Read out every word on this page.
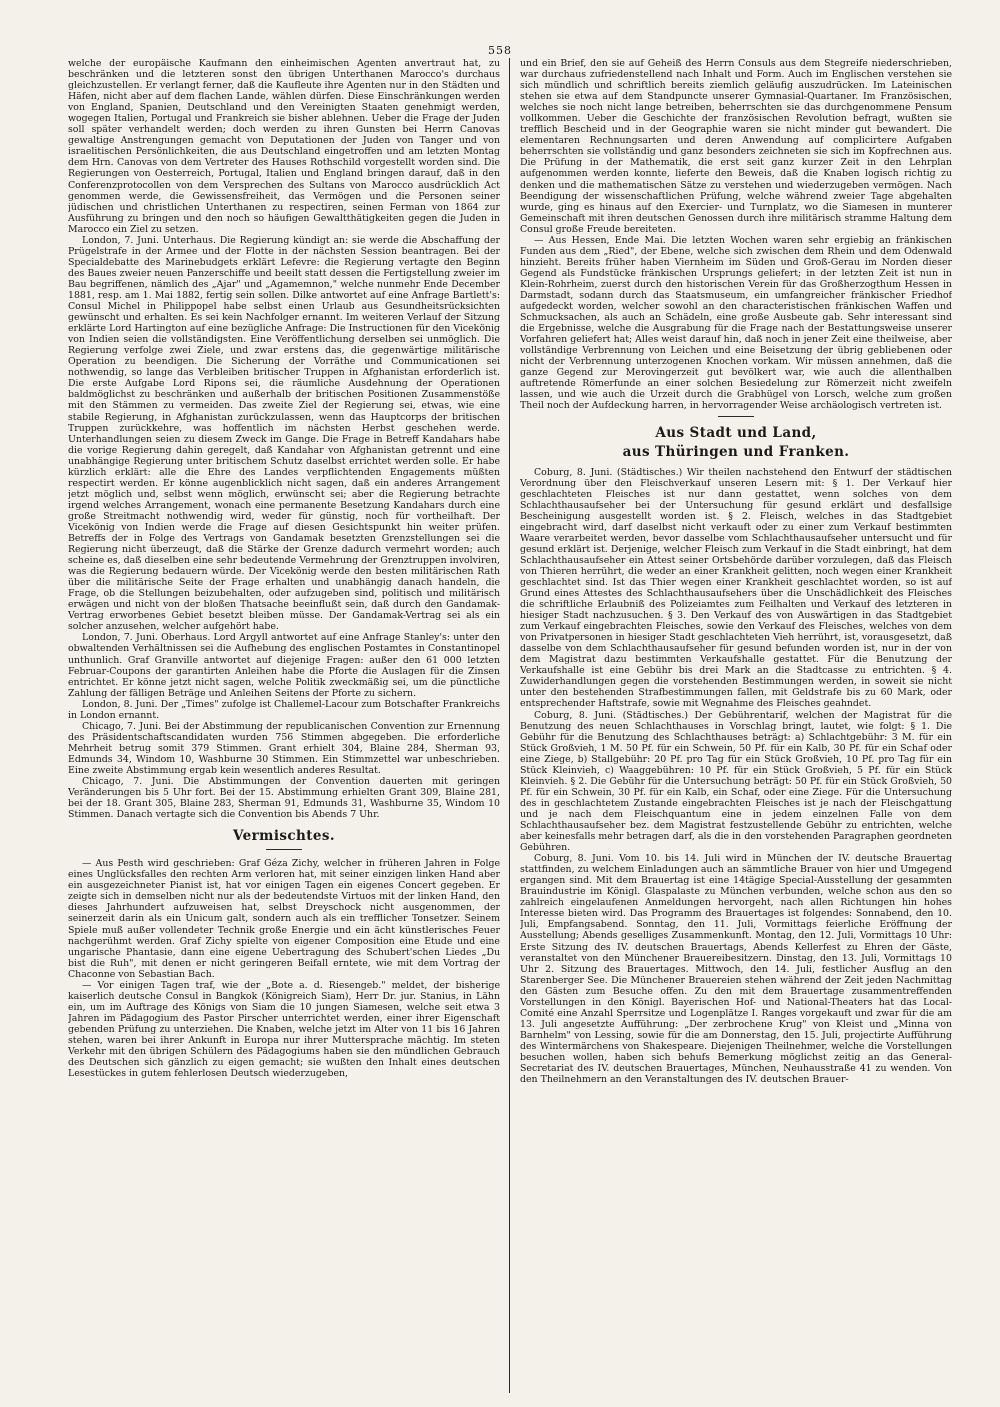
558

welche der europäische Kaufmann den einheimischen Agenten anvertraut hat, zu beschränken und die letzteren sonst den übrigen Unterthanen Marocco's durchaus gleichzustellen. Er verlangt ferner, daß die Kaufleute ihre Agenten nur in den Städten und Häfen, nicht aber auf dem flachen Lande, wählen dürfen. Diese Einschränkungen werden von England, Spanien, Deutschland und den Vereinigten Staaten genehmigt werden, wogegen Italien, Portugal und Frankreich sie bisher ablehnen. Ueber die Frage der Juden soll später verhandelt werden; doch werden zu ihren Gunsten bei Herrn Canovas gewaltige Anstrengungen gemacht von Deputationen der Juden von Tanger und von israelitischen Persönlichkeiten, die aus Deutschland eingetroffen und am letzten Montag dem Hrn. Canovas von dem Vertreter des Hauses Rothschild vorgestellt worden sind. Die Regierungen von Oesterreich, Portugal, Italien und England bringen darauf, daß in den Conferenzprotocollen von dem Versprechen des Sultans von Marocco ausdrücklich Act genommen werde, die Gewissensfreiheit, das Vermögen und die Personen seiner jüdischen und christlichen Unterthanen zu respectiren, seinen Ferman von 1864 zur Ausführung zu bringen und den noch so häufigen Gewaltthätigkeiten gegen die Juden in Marocco ein Ziel zu setzen.

London, 7. Juni. Unterhaus. Die Regierung kündigt an: sie werde die Abschaffung der Prügelstrafe in der Armee und der Flotte in der nächsten Session beantragen. Bei der Specialdebatte des Marinebudgets erklärt Lefevre: die Regierung vertagte den Beginn des Baues zweier neuen Panzerschiffe und beeilt statt dessen die Fertigstellung zweier im Bau begriffenen, nämlich des „Ajar" und „Agamemnon," welche nunmehr Ende December 1881, resp. am 1. Mai 1882, fertig sein sollen. Dilke antwortet auf eine Anfrage Bartlett's: Consul Michel in Philippopel habe selbst einen Urlaub aus Gesundheitsrücksichten gewünscht und erhalten. Es sei kein Nachfolger ernannt. Im weiteren Verlauf der Sitzung erklärte Lord Hartington auf eine bezügliche Anfrage: Die Instructionen für den Vicekönig von Indien seien die vollständigsten. Eine Veröffentlichung derselben sei unmöglich. Die Regierung verfolge zwei Ziele, und zwar erstens das, die gegenwärtige militärische Operation zu beendigen. Die Sicherung der Vorräthe und Communicationen sei nothwendig, so lange das Verbleiben britischer Truppen in Afghanistan erforderlich ist. Die erste Aufgabe Lord Ripons sei, die räumliche Ausdehnung der Operationen baldmöglichst zu beschränken und außerhalb der britischen Positionen Zusammenstöße mit den Stämmen zu vermeiden. Das zweite Ziel der Regierung sei, etwas, wie eine stabile Regierung, in Afghanistan zurückzulassen, wenn das Hauptcorps der britischen Truppen zurückkehre, was hoffentlich im nächsten Herbst geschehen werde. Unterhandlungen seien zu diesem Zweck im Gange. Die Frage in Betreff Kandahars habe die vorige Regierung dahin geregelt, daß Kandahar von Afghanistan getrennt und eine unabhängige Regierung unter britischem Schutz daselbst errichtet werden solle. Er habe kürzlich erklärt: alle die Ehre des Landes verpflichtenden Engagements müßten respectirt werden. Er könne augenblicklich nicht sagen, daß ein anderes Arrangement jetzt möglich und, selbst wenn möglich, erwünscht sei; aber die Regierung betrachte irgend welches Arrangement, wonach eine permanente Besetzung Kandahars durch eine große Streitmacht nothwendig wird, weder für günstig, noch für vortheilhaft. Der Vicekönig von Indien werde die Frage auf diesen Gesichtspunkt hin weiter prüfen. Betreffs der in Folge des Vertrags von Gandamak besetzten Grenzstellungen sei die Regierung nicht überzeugt, daß die Stärke der Grenze dadurch vermehrt worden; auch scheine es, daß dieselben eine sehr bedeutende Vermehrung der Grenztruppen involviren, was die Regierung bedauern würde. Der Vicekönig werde den besten militärischen Rath über die militärische Seite der Frage erhalten und unabhängig danach handeln, die Frage, ob die Stellungen beizubehalten, oder aufzugeben sind, politisch und militärisch erwägen und nicht von der bloßen Thatsache beeinflußt sein, daß durch den Gandamak-Vertrag erworbenes Gebiet besetzt bleiben müsse. Der Gandamak-Vertrag sei als ein solcher anzusehen, welcher aufgehört habe.

London, 7. Juni. Oberhaus. Lord Argyll antwortet auf eine Anfrage Stanley's: unter den obwaltenden Verhältnissen sei die Aufhebung des englischen Postamtes in Constantinopel unthunlich. Graf Granville antwortet auf diejenige Fragen: außer den 61 000 letzten Februar-Coupons der garantirten Anleihen habe die Pforte die Auslagen für die Zinsen entrichtet. Er könne jetzt nicht sagen, welche Politik zweckmäßig sei, um die pünctliche Zahlung der fälligen Beträge und Anleihen Seitens der Pforte zu sichern.

London, 8. Juni. Der „Times" zufolge ist Challemel-Lacour zum Botschafter Frankreichs in London ernannt.

Chicago, 7. Juni. Bei der Abstimmung der republicanischen Convention zur Ernennung des Präsidentschaftscandidaten wurden 756 Stimmen abgegeben. Die erforderliche Mehrheit betrug somit 379 Stimmen. Grant erhielt 304, Blaine 284, Sherman 93, Edmunds 34, Windom 10, Washburne 30 Stimmen. Ein Stimmzettel war unbeschrieben. Eine zweite Abstimmung ergab kein wesentlich anderes Resultat.

Chicago, 7. Juni. Die Abstimmungen der Convention dauerten mit geringen Veränderungen bis 5 Uhr fort. Bei der 15. Abstimmung erhielten Grant 309, Blaine 281, bei der 18. Grant 305, Blaine 283, Sherman 91, Edmunds 31, Washburne 35, Windom 10 Stimmen. Danach vertagte sich die Convention bis Abends 7 Uhr.

Vermischtes.

— Aus Pesth wird geschrieben: Graf Géza Zichy, welcher in früheren Jahren in Folge eines Unglücksfalles den rechten Arm verloren hat, mit seiner einzigen linken Hand aber ein ausgezeichneter Pianist ist, hat vor einigen Tagen ein eigenes Concert gegeben. Er zeigte sich in demselben nicht nur als der bedeutendste Virtuos mit der linken Hand, den dieses Jahrhundert aufzuweisen hat, selbst Dreyschock nicht ausgenommen, der seinerzeit darin als ein Unicum galt, sondern auch als ein trefflicher Tonsetzer. Seinem Spiele muß außer vollendeter Technik große Energie und ein ächt künstlerisches Feuer nachgerühmt werden. Graf Zichy spielte von eigener Composition eine Etude und eine ungarische Phantasie, dann eine eigene Uebertragung des Schubert'schen Liedes „Du bist die Ruh", mit denen er nicht geringeren Beifall erntete, wie mit dem Vortrag der Chaconne von Sebastian Bach.

— Vor einigen Tagen traf, wie der „Bote a. d. Riesengeb." meldet, der bisherige kaiserlich deutsche Consul in Bangkok (Königreich Siam), Herr Dr. jur. Stanius, in Lähn ein, um im Auftrage des Königs von Siam die 10 jungen Siamesen, welche seit etwa 3 Jahren im Pädagogium des Pastor Pirscher unterrichtet werden, einer ihrer Eigenschaft gebenden Prüfung zu unterziehen. Die Knaben, welche jetzt im Alter von 11 bis 16 Jahren stehen, waren bei ihrer Ankunft in Europa nur ihrer Muttersprache mächtig. Im steten Verkehr mit den übrigen Schülern des Pädagogiums haben sie den mündlichen Gebrauch des Deutschen sich gänzlich zu eigen gemacht; sie wußten den Inhalt eines deutschen Lesestückes in gutem fehlerlosen Deutsch wiederzugeben,

und ein Brief, den sie auf Geheiß des Herrn Consuls aus dem Stegreife niederschrieben, war durchaus zufriedenstellend nach Inhalt und Form. Auch im Englischen verstehen sie sich mündlich und schriftlich bereits ziemlich geläufig auszudrücken. Im Lateinischen stehen sie etwa auf dem Standpuncte unserer Gymnasial-Quartaner. Im Französischen, welches sie noch nicht lange betreiben, beherrschten sie das durchgenommene Pensum vollkommen. Ueber die Geschichte der französischen Revolution befragt, wußten sie trefflich Bescheid und in der Geographie waren sie nicht minder gut bewandert. Die elementaren Rechnungsarten und deren Anwendung auf complicirtere Aufgaben beherrschten sie vollständig und ganz besonders zeichneten sie sich im Kopfrechnen aus. Die Prüfung in der Mathematik, die erst seit ganz kurzer Zeit in den Lehrplan aufgenommen werden konnte, lieferte den Beweis, daß die Knaben logisch richtig zu denken und die mathematischen Sätze zu verstehen und wiederzugeben vermögen. Nach Beendigung der wissenschaftlichen Prüfung, welche während zweier Tage abgehalten wurde, ging es hinaus auf den Exercier- und Turnplatz, wo die Siamesen in munterer Gemeinschaft mit ihren deutschen Genossen durch ihre militärisch stramme Haltung dem Consul große Freude bereiteten.

— Aus Hessen, Ende Mai. Die letzten Wochen waren sehr ergiebig an fränkischen Funden aus dem „Ried", der Ebene, welche sich zwischen dem Rhein und dem Odenwald hinzieht. Bereits früher haben Viernheim im Süden und Groß-Gerau im Norden dieser Gegend als Fundstücke fränkischen Ursprungs geliefert; in der letzten Zeit ist nun in Klein-Rohrheim, zuerst durch den historischen Verein für das Großherzogthum Hessen in Darmstadt, sodann durch das Staatsmuseum, ein umfangreicher fränkischer Friedhof aufgedeckt worden, welcher sowohl an den characteristischen fränkischen Waffen und Schmucksachen, als auch an Schädeln, eine große Ausbeute gab. Sehr interessant sind die Ergebnisse, welche die Ausgrabung für die Frage nach der Bestattungsweise unserer Vorfahren geliefert hat; Alles weist darauf hin, daß noch in jener Zeit eine theilweise, aber vollständige Verbrennung von Leichen und eine Beisetzung der übrig gebliebenen oder nicht der Verbrennung unterzogenen Knochen vorkam. Wir müssen annehmen, daß die ganze Gegend zur Merovingerzeit gut bevölkert war, wie auch die allenthalben auftretende Römerfunde an einer solchen Besiedelung zur Römerzeit nicht zweifeln lassen, und wie auch die Urzeit durch die Grabhügel von Lorsch, welche zum großen Theil noch der Aufdeckung harren, in hervorragender Weise archäologisch vertreten ist.

Aus Stadt und Land,
aus Thüringen und Franken.

Coburg, 8. Juni. (Städtisches.) Wir theilen nachstehend den Entwurf der städtischen Verordnung über den Fleischverkauf unseren Lesern mit: § 1. Der Verkauf hier geschlachteten Fleisches ist nur dann gestattet, wenn solches von dem Schlachthausaufseher bei der Untersuchung für gesund erklärt und desfallsige Bescheinigung ausgestellt worden ist. § 2. Fleisch, welches in das Stadtgebiet eingebracht wird, darf daselbst nicht verkauft oder zu einer zum Verkauf bestimmten Waare verarbeitet werden, bevor dasselbe vom Schlachthausaufseher untersucht und für gesund erklärt ist. Derjenige, welcher Fleisch zum Verkauf in die Stadt einbringt, hat dem Schlachthausaufseher ein Attest seiner Ortsbehörde darüber vorzulegen, daß das Fleisch von Thieren herrührt, die weder an einer Krankheit gelitten, noch wegen einer Krankheit geschlachtet sind. Ist das Thier wegen einer Krankheit geschlachtet worden, so ist auf Grund eines Attestes des Schlachthausaufsehers über die Unschädlichkeit des Fleisches die schriftliche Erlaubniß des Polizeiamtes zum Feilhalten und Verkauf des letzteren in hiesiger Stadt nachzusuchen. § 3. Den Verkauf des von Auswärtigen in das Stadtgebiet zum Verkauf eingebrachten Fleisches, sowie den Verkauf des Fleisches, welches von dem von Privatpersonen in hiesiger Stadt geschlachteten Vieh herrührt, ist, vorausgesetzt, daß dasselbe von dem Schlachthausaufseher für gesund befunden worden ist, nur in der von dem Magistrat dazu bestimmten Verkaufshalle gestattet. Für die Benutzung der Verkaufshalle ist eine Gebühr bis drei Mark an die Stadtcasse zu entrichten. § 4. Zuwiderhandlungen gegen die vorstehenden Bestimmungen werden, in soweit sie nicht unter den bestehenden Strafbestimmungen fallen, mit Geldstrafe bis zu 60 Mark, oder entsprechender Haftstrafe, sowie mit Wegnahme des Fleisches geahndet.

Coburg, 8. Juni. (Städtisches.) Der Gebührentarif, welchen der Magistrat für die Benutzung des neuen Schlachthauses in Vorschlag bringt, lautet, wie folgt: § 1. Die Gebühr für die Benutzung des Schlachthauses beträgt: a) Schlachtgebühr: 3 M. für ein Stück Großvieh, 1 M. 50 Pf. für ein Schwein, 50 Pf. für ein Kalb, 30 Pf. für ein Schaf oder eine Ziege, b) Stallgebühr: 20 Pf. pro Tag für ein Stück Großvieh, 10 Pf. pro Tag für ein Stück Kleinvieh, c) Waaggebühren: 10 Pf. für ein Stück Großvieh, 5 Pf. für ein Stück Kleinvieh. § 2. Die Gebühr für die Untersuchung beträgt: 50 Pf. für ein Stück Großvieh, 50 Pf. für ein Schwein, 30 Pf. für ein Kalb, ein Schaf, oder eine Ziege. Für die Untersuchung des in geschlachtetem Zustande eingebrachten Fleisches ist je nach der Fleischgattung und je nach dem Fleischquantum eine in jedem einzelnen Falle von dem Schlachthausaufseher bez. dem Magistrat festzustellende Gebühr zu entrichten, welche aber keinesfalls mehr betragen darf, als die in den vorstehenden Paragraphen geordneten Gebühren.

Coburg, 8. Juni. Vom 10. bis 14. Juli wird in München der IV. deutsche Brauertag stattfinden, zu welchem Einladungen auch an sämmtliche Brauer von hier und Umgegend ergangen sind. Mit dem Brauertag ist eine 14tägige Special-Ausstellung der gesammten Brauindustrie im Königl. Glaspalaste zu München verbunden, welche schon aus den so zahlreich eingelaufenen Anmeldungen hervorgeht, nach allen Richtungen hin hohes Interesse bieten wird. Das Programm des Brauertages ist folgendes: Sonnabend, den 10. Juli, Empfangsabend. Sonntag, den 11. Juli, Vormittags feierliche Eröffnung der Ausstellung; Abends geselliges Zusammenkunft. Montag, den 12. Juli, Vormittags 10 Uhr: Erste Sitzung des IV. deutschen Brauertags, Abends Kellerfest zu Ehren der Gäste, veranstaltet von den Münchener Brauereibesitzern. Dinstag, den 13. Juli, Vormittags 10 Uhr 2. Sitzung des Brauertages. Mittwoch, den 14. Juli, festlicher Ausflug an den Starenberger See. Die Münchener Brauereien stehen während der Zeit jeden Nachmittag den Gästen zum Besuche offen. Zu den mit dem Brauertage zusammentreffenden Vorstellungen in den Königl. Bayerischen Hof- und National-Theaters hat das Local-Comité eine Anzahl Sperrsitze und Logenplätze I. Ranges vorgekauft und zwar für die am 13. Juli angesetzte Aufführung: „Der zerbrochene Krug" von Kleist und „Minna von Barnhelm" von Lessing, sowie für die am Donnerstag, den 15. Juli, projectirte Aufführung des Wintermärchens von Shakespeare. Diejenigen Theilnehmer, welche die Vorstellungen besuchen wollen, haben sich behufs Bemerkung möglichst zeitig an das General-Secretariat des IV. deutschen Brauertages, München, Neuhausstraße 41 zu wenden. Von den Theilnehmern an den Veranstaltungen des IV. deutschen Brauer-
